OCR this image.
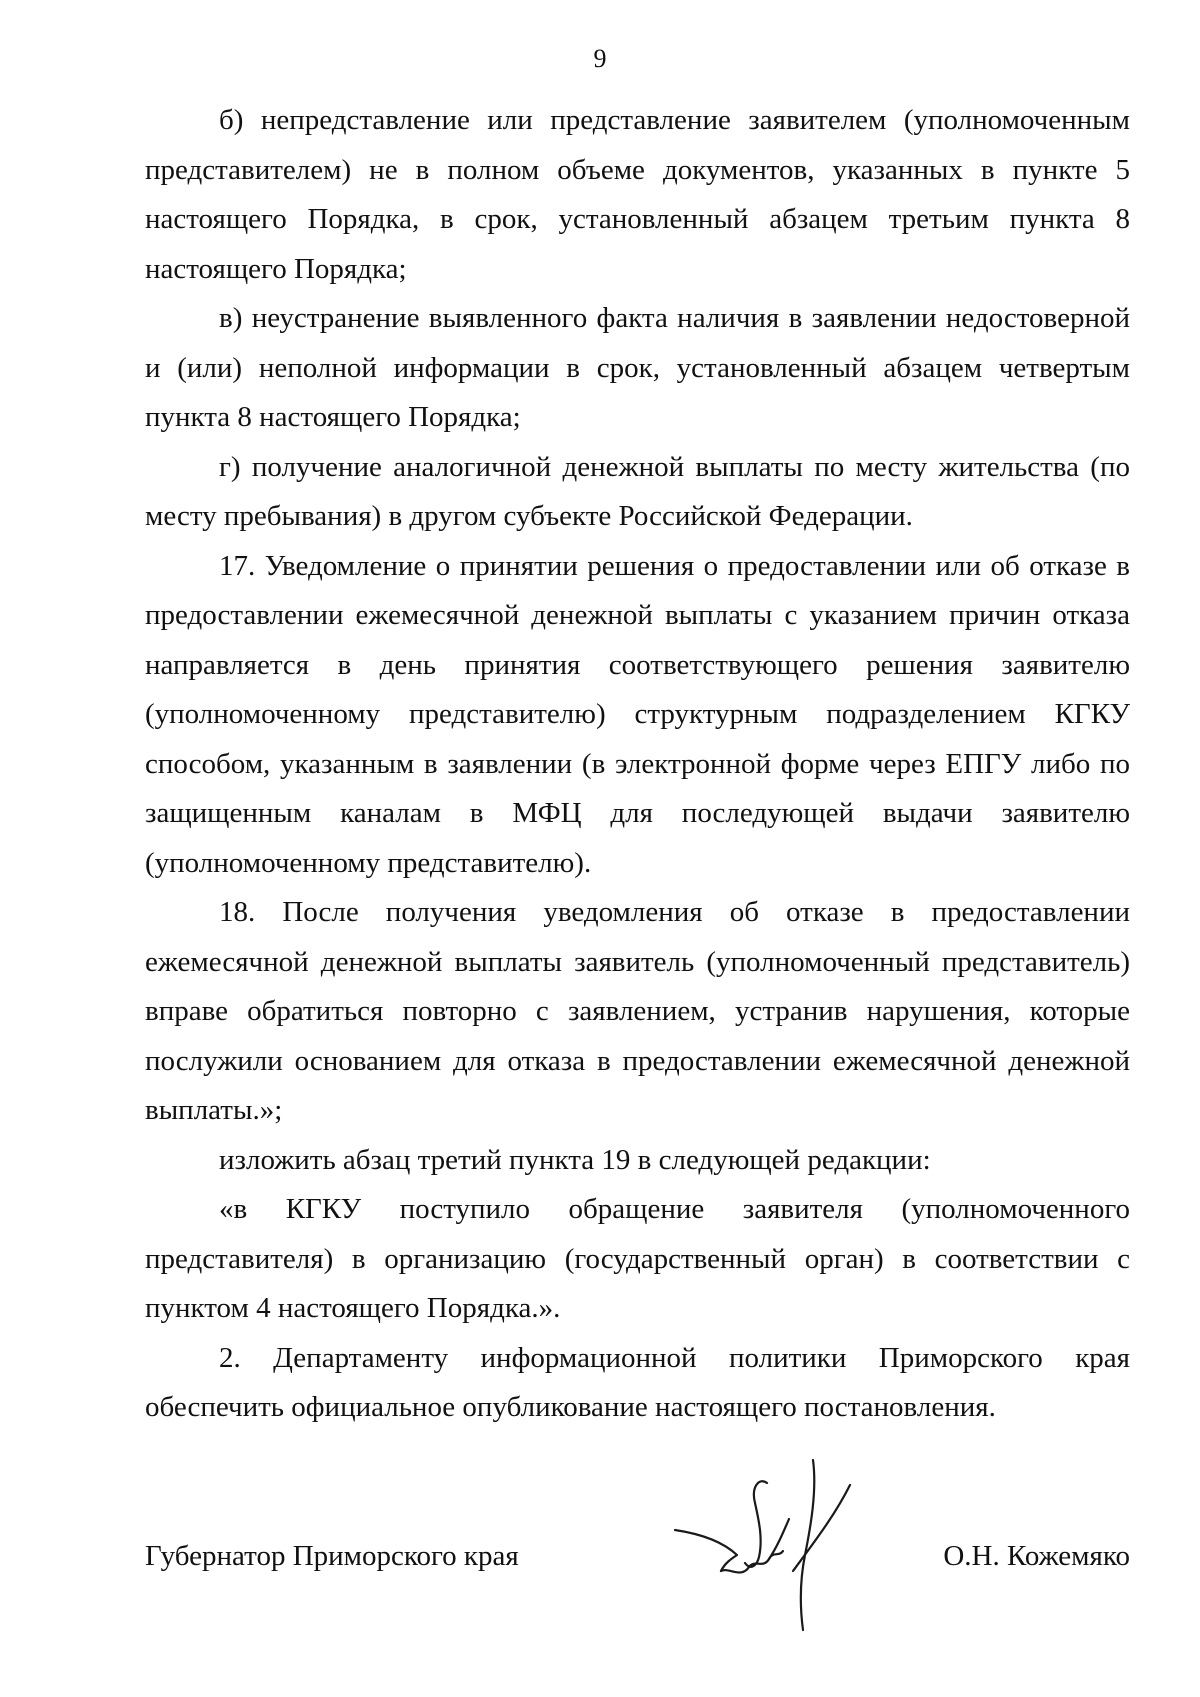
9

б) непредставление или представление заявителем (уполномоченным представителем) не в полном объеме документов, указанных в пункте 5 настоящего Порядка, в срок, установленный абзацем третьим пункта 8 настоящего Порядка;

в) неустранение выявленного факта наличия в заявлении недостоверной и (или) неполной информации в срок, установленный абзацем четвертым пункта 8 настоящего Порядка;

г) получение аналогичной денежной выплаты по месту жительства (по месту пребывания) в другом субъекте Российской Федерации.

17. Уведомление о принятии решения о предоставлении или об отказе в предоставлении ежемесячной денежной выплаты с указанием причин отказа направляется в день принятия соответствующего решения заявителю (уполномоченному представителю) структурным подразделением КГКУ способом, указанным в заявлении (в электронной форме через ЕПГУ либо по защищенным каналам в МФЦ для последующей выдачи заявителю (уполномоченному представителю).

18. После получения уведомления об отказе в предоставлении ежемесячной денежной выплаты заявитель (уполномоченный представитель) вправе обратиться повторно с заявлением, устранив нарушения, которые послужили основанием для отказа в предоставлении ежемесячной денежной выплаты.»;

изложить абзац третий пункта 19 в следующей редакции:

«в КГКУ поступило обращение заявителя (уполномоченного представителя) в организацию (государственный орган) в соответствии с пунктом 4 настоящего Порядка.».

2. Департаменту информационной политики Приморского края обеспечить официальное опубликование настоящего постановления.

Губернатор Приморского края	О.Н. Кожемяко
